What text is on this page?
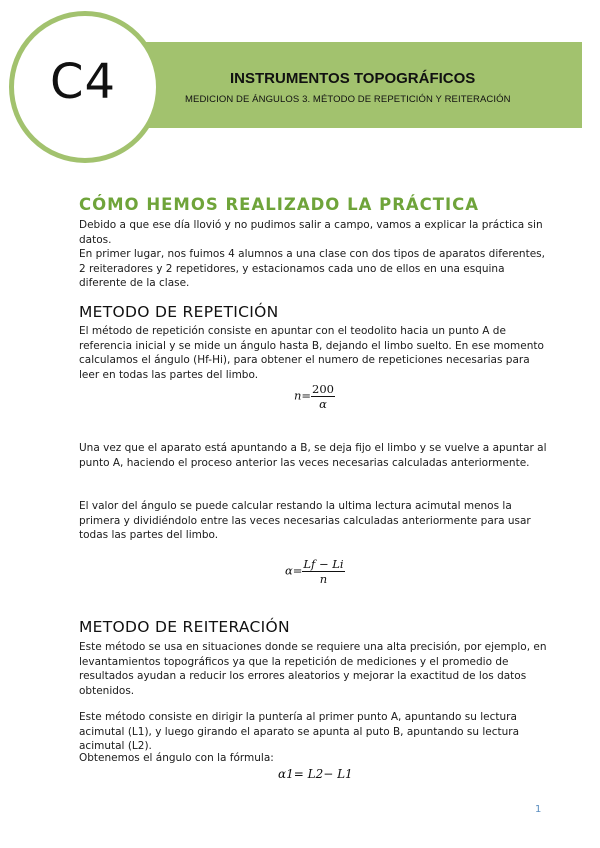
C4	INSTRUMENTOS TOPOGRÁFICOS
MEDICION DE ÁNGULOS 3. MÉTODO DE REPETICIÓN Y REITERACIÓN
CÓMO HEMOS REALIZADO LA PRÁCTICA
Debido a que ese día llovió y no pudimos salir a campo, vamos a explicar la práctica sin datos.
En primer lugar, nos fuimos 4 alumnos a una clase con dos tipos de aparatos diferentes, 2 reiteradores y 2 repetidores, y estacionamos cada uno de ellos en una esquina diferente de la clase.
METODO DE REPETICIÓN
El método de repetición consiste en apuntar con el teodolito hacia un punto A de referencia inicial y se mide un ángulo hasta B, dejando el limbo suelto. En ese momento calculamos el ángulo (Hf-Hi), para obtener el numero de repeticiones necesarias para leer en todas las partes del limbo.
$n= \frac{200}{\alpha}$
Una vez que el aparato está apuntando a B, se deja fijo el limbo y se vuelve a apuntar al punto A, haciendo el proceso anterior las veces necesarias calculadas anteriormente.
El valor del ángulo se puede calcular restando la ultima lectura acimutal menos la primera y dividiéndolo entre las veces necesarias calculadas anteriormente para usar todas las partes del limbo.
$\alpha= \frac{Lf - Li}{n}$
METODO DE REITERACIÓN
Este método se usa en situaciones donde se requiere una alta precisión, por ejemplo, en levantamientos topográficos ya que la repetición de mediciones y el promedio de resultados ayudan a reducir los errores aleatorios y mejorar la exactitud de los datos obtenidos.
Este método consiste en dirigir la puntería al primer punto A, apuntando su lectura acimutal (L1), y luego girando el aparato se apunta al puto B, apuntando su lectura acimutal (L2).
Obtenemos el ángulo con la fórmula:
α1= L2− L1
1
